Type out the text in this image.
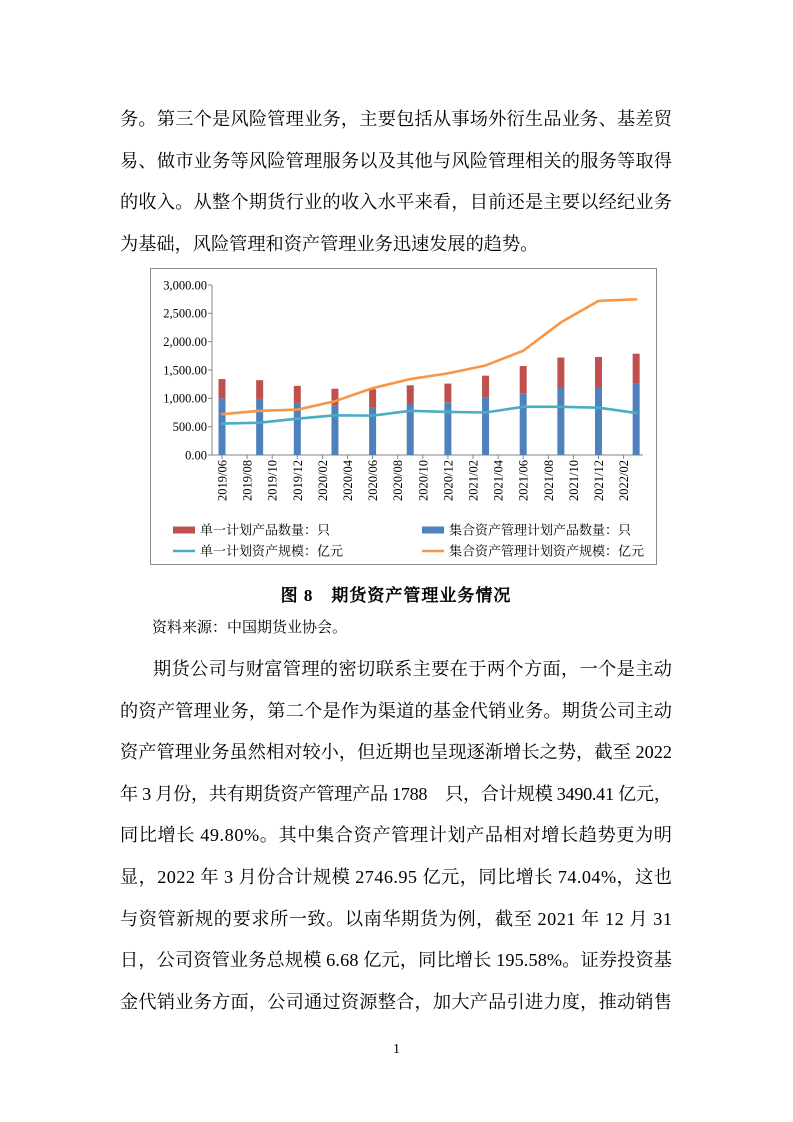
0.00
500.00
1,000.00
1,500.00
2,000.00
2,500.00
3,000.00
2019/06 2019/08 2019/10 2019/12 2020/02 2020/04 2020/06 2020/08 2020/10 2020/12 2021/02 2021/04 2021/06 2021/08 2021/10 2021/12 2022/02
单一计划产品数量：只	集合资产管理计划产品数量：只
单一计划资产规模：亿元	集合资产管理计划资产规模：亿元
图 8　期货资产管理业务情况
资料来源：中国期货业协会。
1
务。第三个是风险管理业务，主要包括从事场外衍生品业务、基差贸
易、做市业务等风险管理服务以及其他与风险管理相关的服务等取得
的收入。从整个期货行业的收入水平来看，目前还是主要以经纪业务
为基础，风险管理和资产管理业务迅速发展的趋势。
期货公司与财富管理的密切联系主要在于两个方面，一个是主动
的资产管理业务，第二个是作为渠道的基金代销业务。期货公司主动
资产管理业务虽然相对较小，但近期也呈现逐渐增长之势，截至 2022
年 3 月份，共有期货资产管理产品 1788　只，合计规模 3490.41 亿元，
同比增长 49.80%。其中集合资产管理计划产品相对增长趋势更为明
显，2022 年 3 月份合计规模 2746.95 亿元，同比增长 74.04%，这也
与资管新规的要求所一致。以南华期货为例，截至 2021 年 12 月 31
日，公司资管业务总规模 6.68 亿元，同比增长 195.58%。证券投资基
金代销业务方面，公司通过资源整合，加大产品引进力度，推动销售
